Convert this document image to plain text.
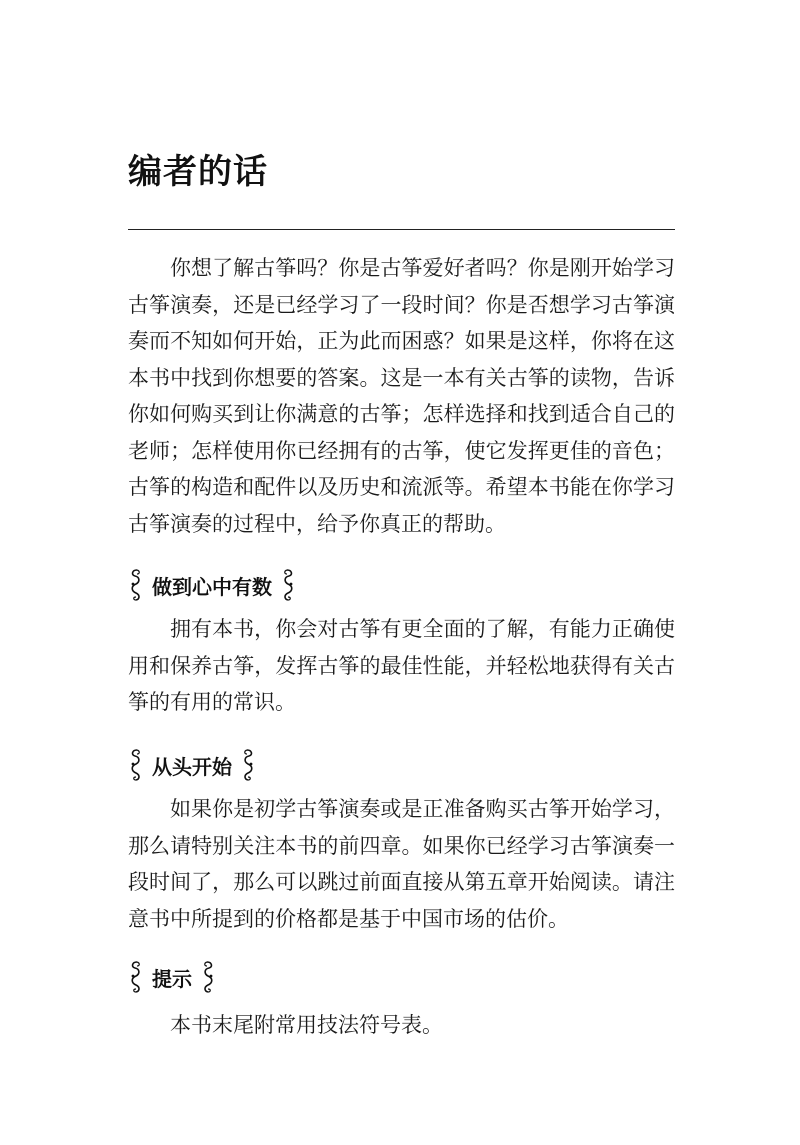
编者的话

你想了解古筝吗？你是古筝爱好者吗？你是刚开始学习古筝演奏，还是已经学习了一段时间？你是否想学习古筝演奏而不知如何开始，正为此而困惑？如果是这样，你将在这本书中找到你想要的答案。这是一本有关古筝的读物，告诉你如何购买到让你满意的古筝；怎样选择和找到适合自己的老师；怎样使用你已经拥有的古筝，使它发挥更佳的音色；古筝的构造和配件以及历史和流派等。希望本书能在你学习古筝演奏的过程中，给予你真正的帮助。

做到心中有数

拥有本书，你会对古筝有更全面的了解，有能力正确使用和保养古筝，发挥古筝的最佳性能，并轻松地获得有关古筝的有用的常识。

从头开始

如果你是初学古筝演奏或是正准备购买古筝开始学习，那么请特别关注本书的前四章。如果你已经学习古筝演奏一段时间了，那么可以跳过前面直接从第五章开始阅读。请注意书中所提到的价格都是基于中国市场的估价。

提示

本书末尾附常用技法符号表。
